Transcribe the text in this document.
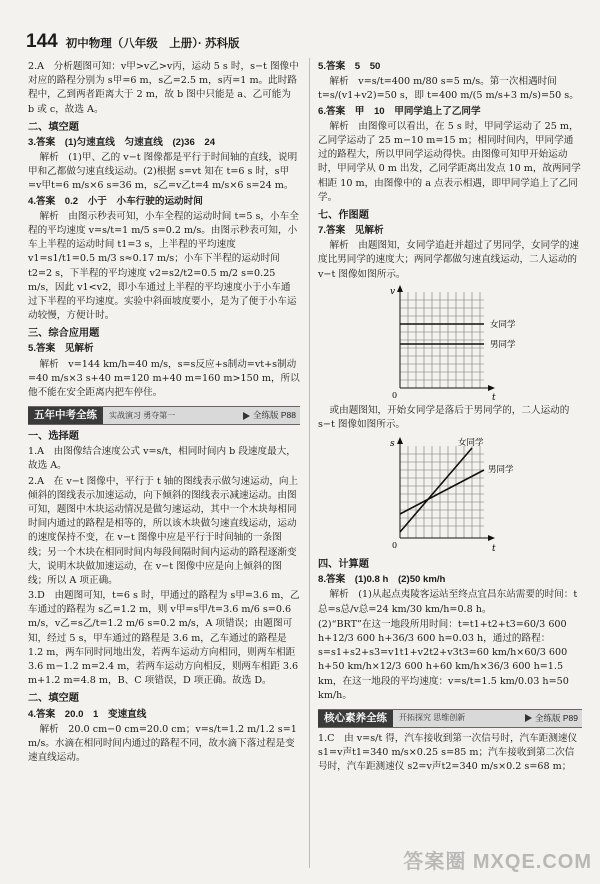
144 初中物理（八年级　上册）· 苏科版

2.A　分析题图可知：v甲>v乙>v丙，运动 5 s 时，s−t 图像中对应的路程分别为 s甲=6 m，s乙=2.5 m，s丙=1 m。此时路程中，乙到两者距离大于 2 m，故 b 图中只能是 a、乙可能为 b 或 c，故选 A。

二、填空题

3.答案　(1)匀速直线　匀速直线　(2)36　24

解析　(1)甲、乙的 v−t 图像都是平行于时间轴的直线，说明甲和乙都做匀速直线运动。(2)根据 s=vt 知在 t=6 s 时，s甲=v甲t=6 m/s×6 s=36 m，s乙=v乙t=4 m/s×6 s=24 m。

4.答案　0.2　小于　小车行驶的运动时间

解析　由图示秒表可知，小车全程的运动时间 t=5 s，小车全程的平均速度 v=s/t=1 m/5 s=0.2 m/s。由图示秒表可知，小车上半程的运动时间 t1=3 s，上半程的平均速度 v1=s1/t1=0.5 m/3 s≈0.17 m/s；小车下半程的运动时间 t2=2 s，下半程的平均速度 v2=s2/t2=0.5 m/2 s=0.25 m/s，因此 v1<v2，即小车通过上半程的平均速度小于小车通过下半程的平均速度。实验中斜面坡度要小，是为了便于小车运动较慢，方便计时。

三、综合应用题

5.答案　见解析

解析　v=144 km/h=40 m/s，s=s反应+s制动=vt+s制动=40 m/s×3 s+40 m=120 m+40 m=160 m>150 m，所以他不能在安全距离内把车停住。

五年中考全练	实战演习 勇夺第一	全练版 P88
一、选择题

1.A　由图像结合速度公式 v=s/t，相同时间内 b 段速度最大，故选 A。

2.A　在 v−t 图像中，平行于 t 轴的图线表示做匀速运动，向上倾斜的图线表示加速运动，向下倾斜的图线表示减速运动。由图可知，题图中木块运动情况是做匀速运动，其中一个木块每相同时间内通过的路程是相等的，所以该木块做匀速直线运动，运动的速度保持不变，在 v−t 图像中应是平行于时间轴的一条图线；另一个木块在相同时间内每段间隔时间内运动的路程逐渐变大，说明木块做加速运动，在 v−t 图像中应是向上倾斜的图线；所以 A 项正确。

3.D　由题图可知，t=6 s 时，甲通过的路程为 s甲=3.6 m，乙车通过的路程为 s乙=1.2 m，则 v甲=s甲/t=3.6 m/6 s=0.6 m/s，v乙=s乙/t=1.2 m/6 s=0.2 m/s，A 项错误；由题图可知，经过 5 s，甲车通过的路程是 3.6 m，乙车通过的路程是 1.2 m，两车同时同地出发，若两车运动方向相同，则两车相距 3.6 m−1.2 m=2.4 m，若两车运动方向相反，则两车相距 3.6 m+1.2 m=4.8 m，B、C 项错误，D 项正确。故选 D。

二、填空题

4.答案　20.0　1　变速直线

解析　20.0 cm−0 cm=20.0 cm；v=s/t=1.2 m/1.2 s=1 m/s。水滴在相同时间内通过的路程不同，故水滴下落过程是变速直线运动。

5.答案　5　50

解析　v=s/t=400 m/80 s=5 m/s。第一次相遇时间 t=s/(v1+v2)=50 s，即 t=400 m/(5 m/s+3 m/s)=50 s。

6.答案　甲　10　甲同学追上了乙同学

解析　由图像可以看出，在 5 s 时，甲同学运动了 25 m，乙同学运动了 25 m−10 m=15 m；相同时间内，甲同学通过的路程大，所以甲同学运动得快。由图像可知甲开始运动时，甲同学从 0 m 出发，乙同学距离出发点 10 m，故两同学相距 10 m，由图像中的 a 点表示相遇，即甲同学追上了乙同学。

七、作图题

7.答案　见解析

解析　由题图知，女同学追赶并超过了男同学，女同学的速度比男同学的速度大；两同学都做匀速直线运动，二人运动的 v−t 图像如图所示。

女同学
男同学
v
t
0

或由题图知，开始女同学是落后于男同学的，二人运动的 s−t 图像如图所示。

女同学
男同学
s
t
0
四、计算题

8.答案　(1)0.8 h　(2)50 km/h

解析　(1)从起点夷陵客运站至终点宜昌东站需要的时间：t总=s总/v总=24 km/30 km/h=0.8 h。

(2)“BRT”在这一地段所用时间：t=t1+t2+t3=60/3 600 h+12/3 600 h+36/3 600 h=0.03 h，通过的路程：s=s1+s2+s3=v1t1+v2t2+v3t3=60 km/h×60/3 600 h+50 km/h×12/3 600 h+60 km/h×36/3 600 h=1.5 km，在这一地段的平均速度：v=s/t=1.5 km/0.03 h=50 km/h。

核心素养全练	开拓探究 思维创新	全练版 P89

1.C　由 v=s/t 得，汽车接收到第一次信号时，汽车距测速仪 s1=v声t1=340 m/s×0.25 s=85 m；汽车接收到第二次信号时，汽车距测速仪 s2=v声t2=340 m/s×0.2 s=68 m；

答案圈 MXQE.COM
